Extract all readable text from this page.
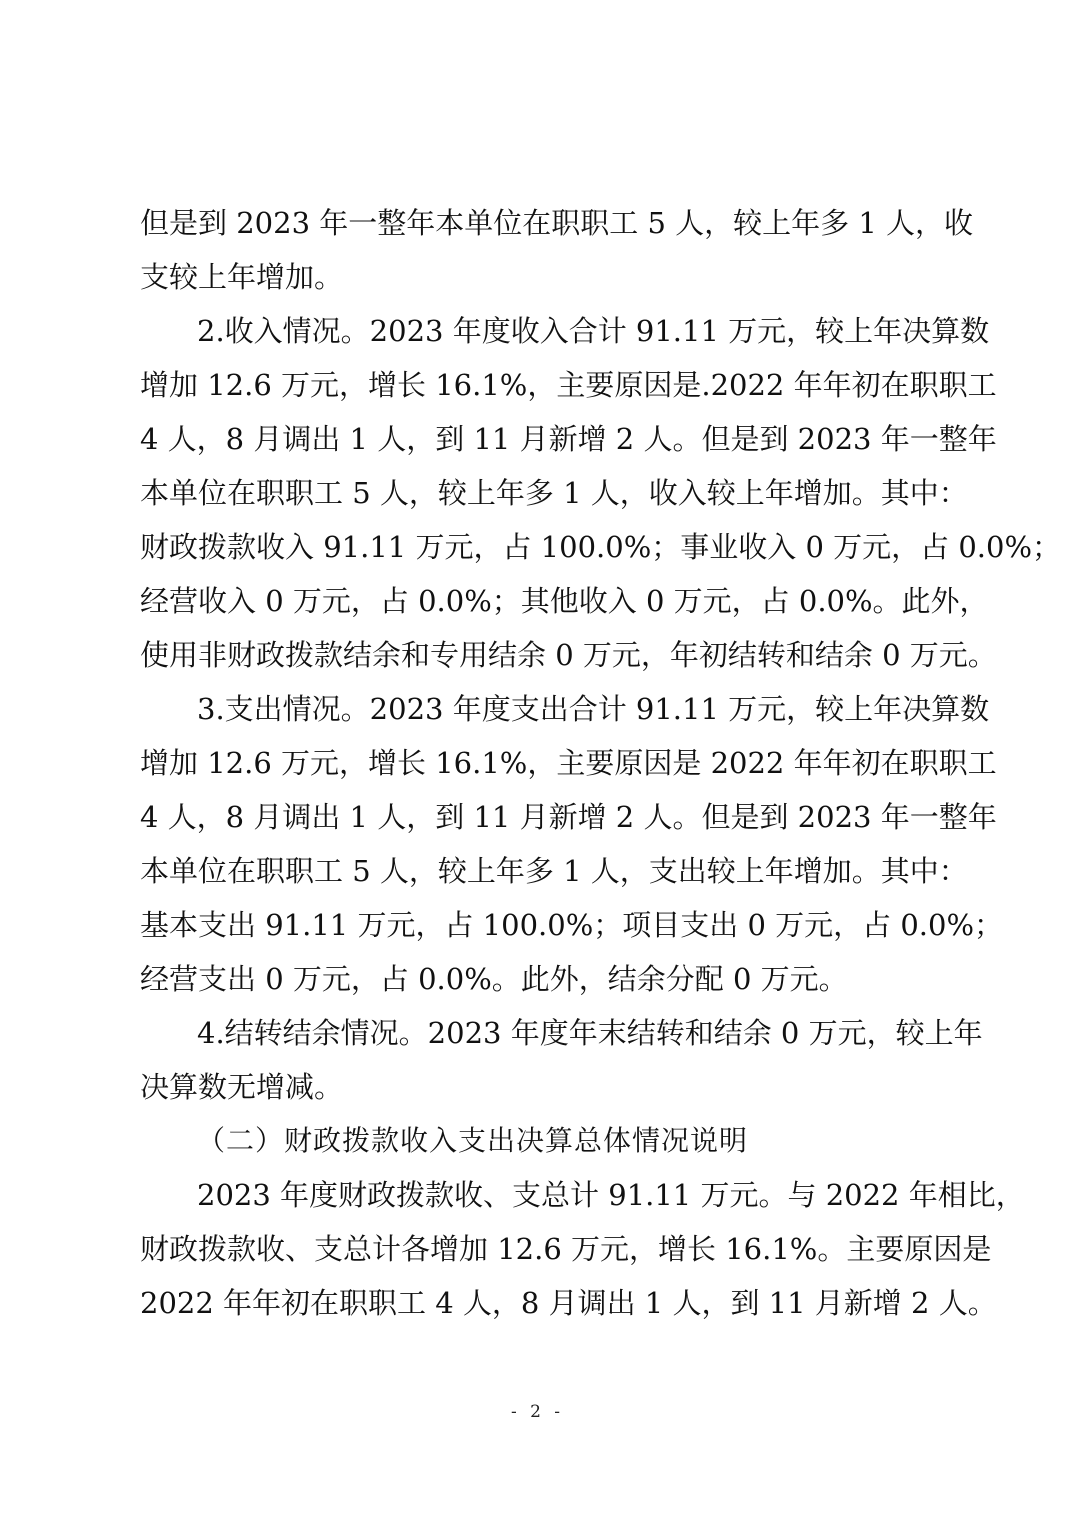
但是到 2023 年一整年本单位在职职工 5 人，较上年多 1 人，收
支较上年增加。
2.收入情况。2023 年度收入合计 91.11 万元，较上年决算数
增加 12.6 万元，增长 16.1%，主要原因是.2022 年年初在职职工
4 人，8 月调出 1 人，到 11 月新增 2 人。但是到 2023 年一整年
本单位在职职工 5 人，较上年多 1 人，收入较上年增加。其中：
财政拨款收入 91.11 万元，占 100.0%；事业收入 0 万元，占 0.0%；
经营收入 0 万元，占 0.0%；其他收入 0 万元，占 0.0%。此外，
使用非财政拨款结余和专用结余 0 万元，年初结转和结余 0 万元。
3.支出情况。2023 年度支出合计 91.11 万元，较上年决算数
增加 12.6 万元，增长 16.1%，主要原因是 2022 年年初在职职工
4 人，8 月调出 1 人，到 11 月新增 2 人。但是到 2023 年一整年
本单位在职职工 5 人，较上年多 1 人，支出较上年增加。其中：
基本支出 91.11 万元，占 100.0%；项目支出 0 万元，占 0.0%；
经营支出 0 万元，占 0.0%。此外，结余分配 0 万元。
4.结转结余情况。2023 年度年末结转和结余 0 万元，较上年
决算数无增减。
（二）财政拨款收入支出决算总体情况说明
2023 年度财政拨款收、支总计 91.11 万元。与 2022 年相比，
财政拨款收、支总计各增加 12.6 万元，增长 16.1%。主要原因是
2022 年年初在职职工 4 人，8 月调出 1 人，到 11 月新增 2 人。
- 2 -
